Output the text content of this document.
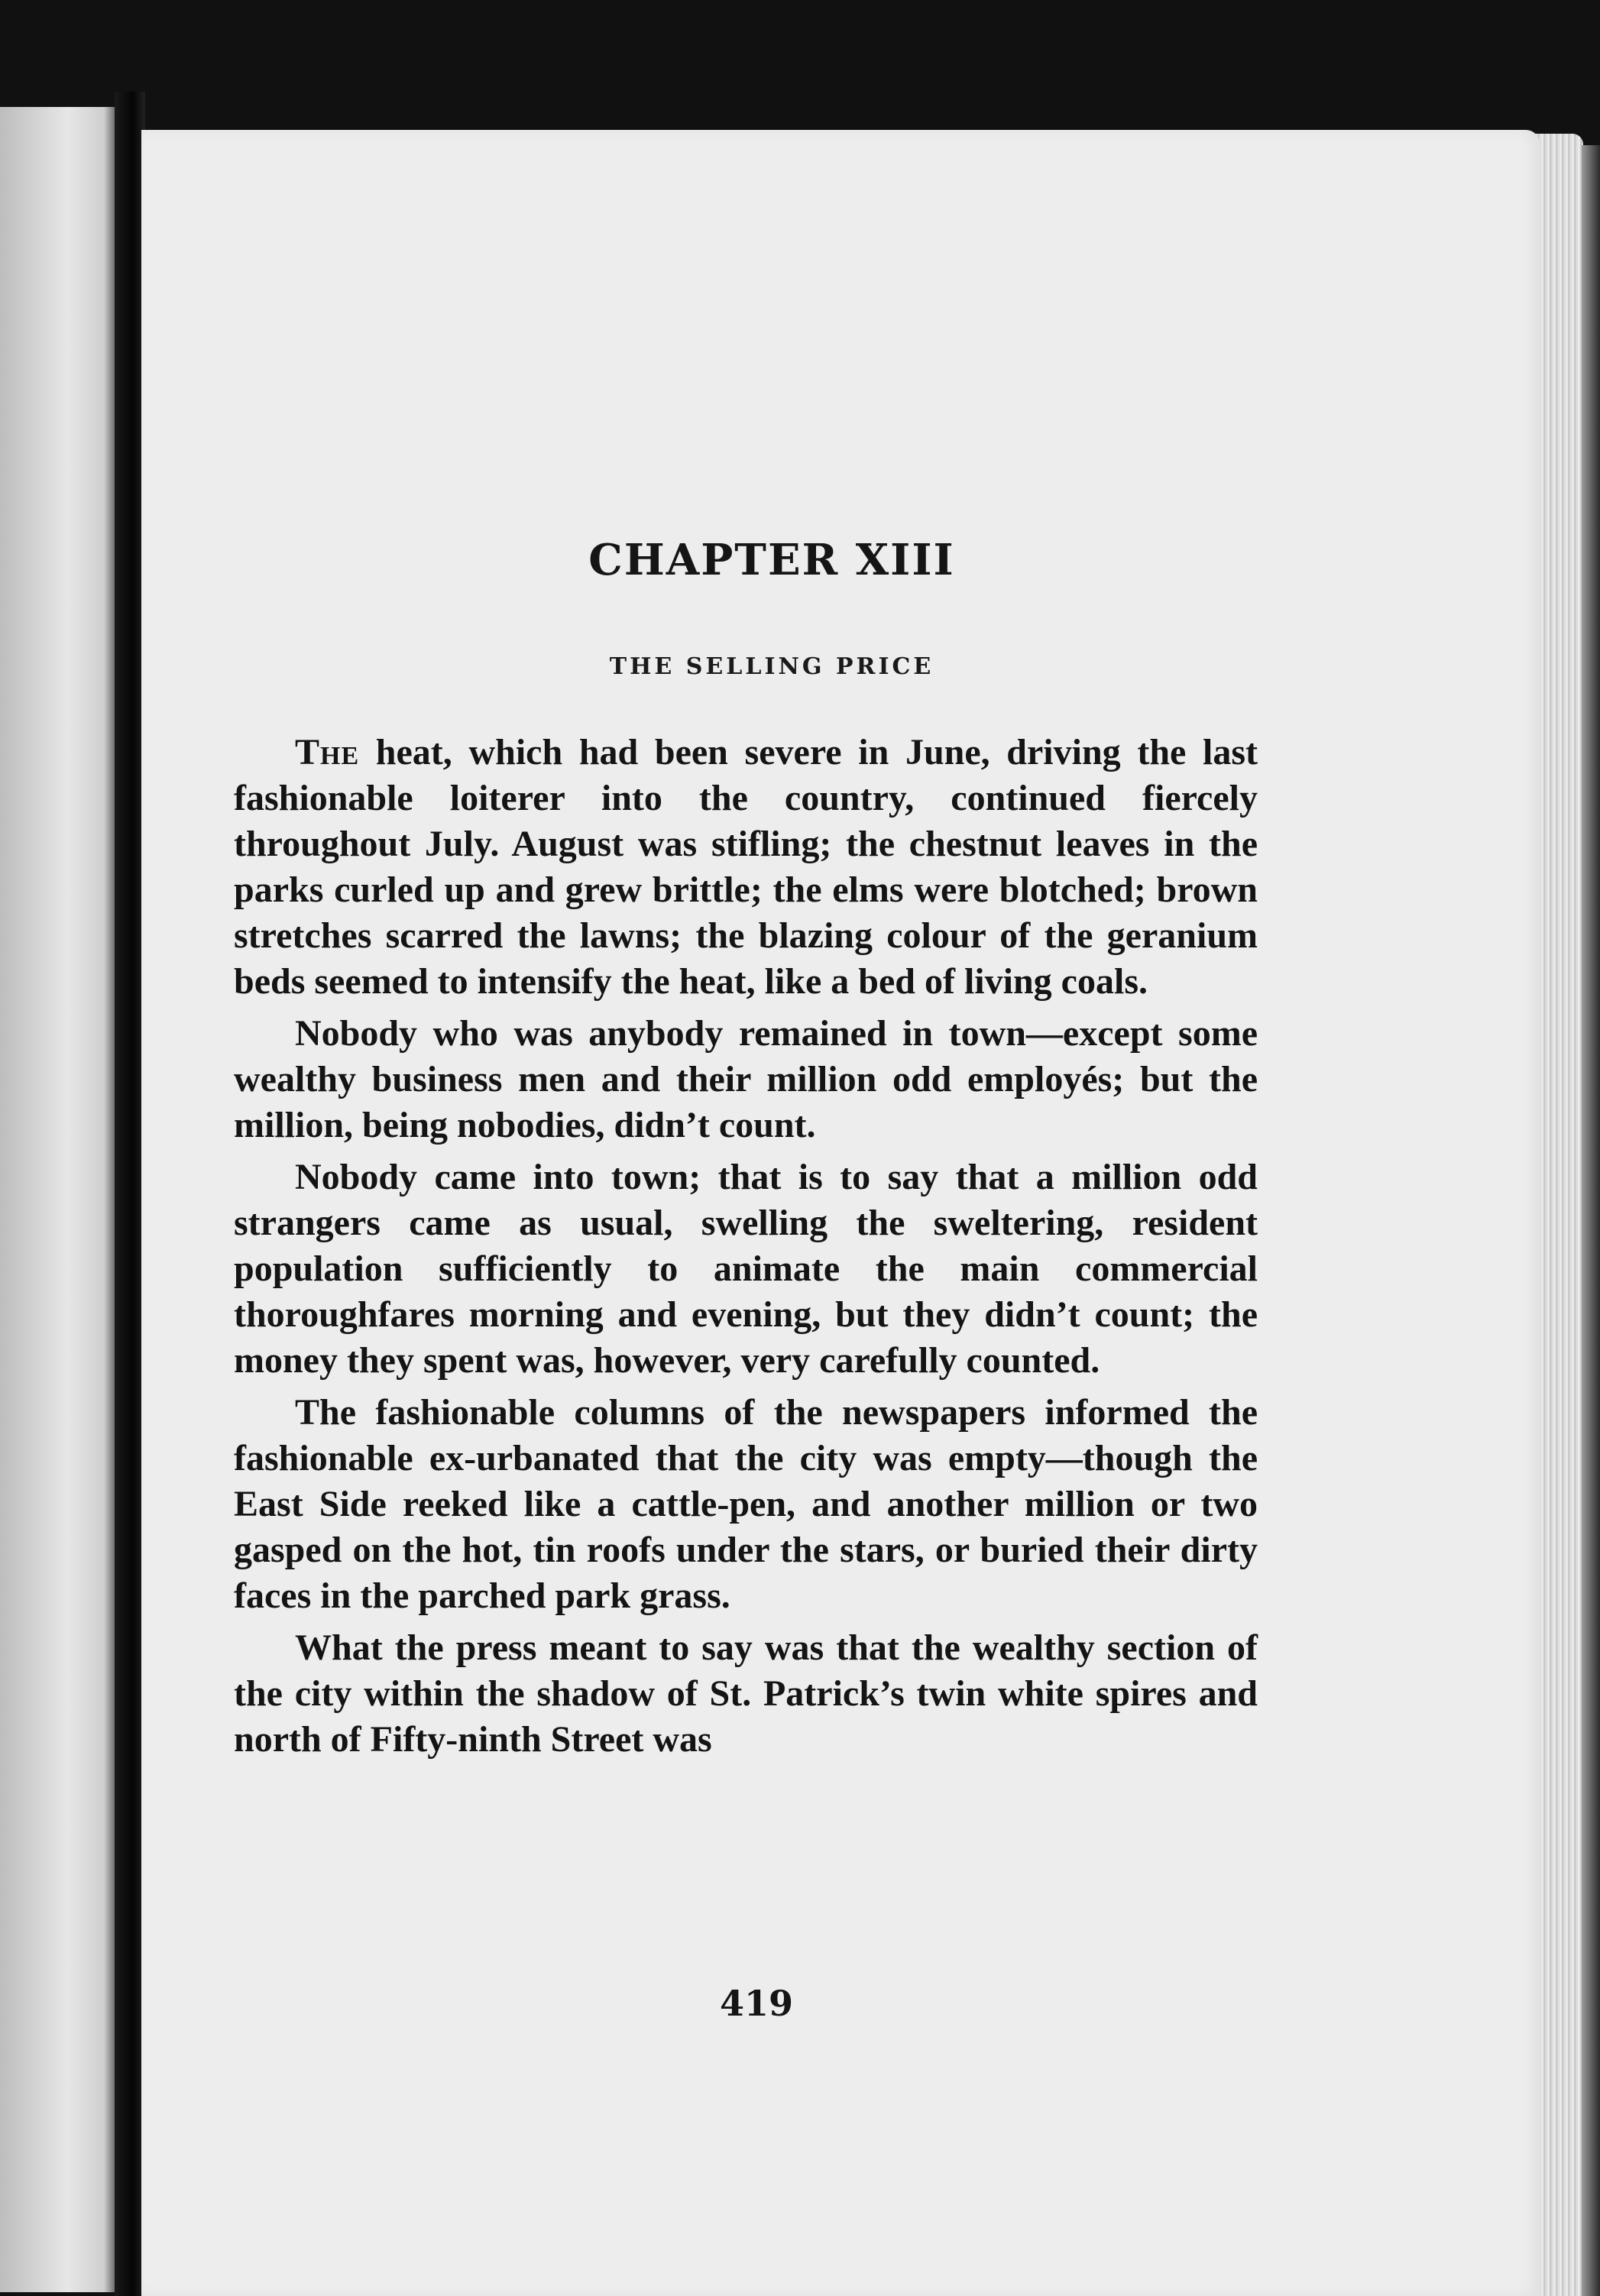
CHAPTER XIII
THE SELLING PRICE

The heat, which had been severe in June, driving the last fashionable loiterer into the country, continued fiercely throughout July. August was stifling; the chestnut leaves in the parks curled up and grew brittle; the elms were blotched; brown stretches scarred the lawns; the blazing colour of the geranium beds seemed to intensify the heat, like a bed of living coals.

Nobody who was anybody remained in town—except some wealthy business men and their million odd employés; but the million, being nobodies, didn’t count.

Nobody came into town; that is to say that a million odd strangers came as usual, swelling the sweltering, resident population sufficiently to animate the main commercial thoroughfares morning and evening, but they didn’t count; the money they spent was, however, very carefully counted.

The fashionable columns of the newspapers informed the fashionable ex-urbanated that the city was empty—though the East Side reeked like a cattle-pen, and another million or two gasped on the hot, tin roofs under the stars, or buried their dirty faces in the parched park grass.

What the press meant to say was that the wealthy section of the city within the shadow of St. Patrick’s twin white spires and north of Fifty-ninth Street was

419
